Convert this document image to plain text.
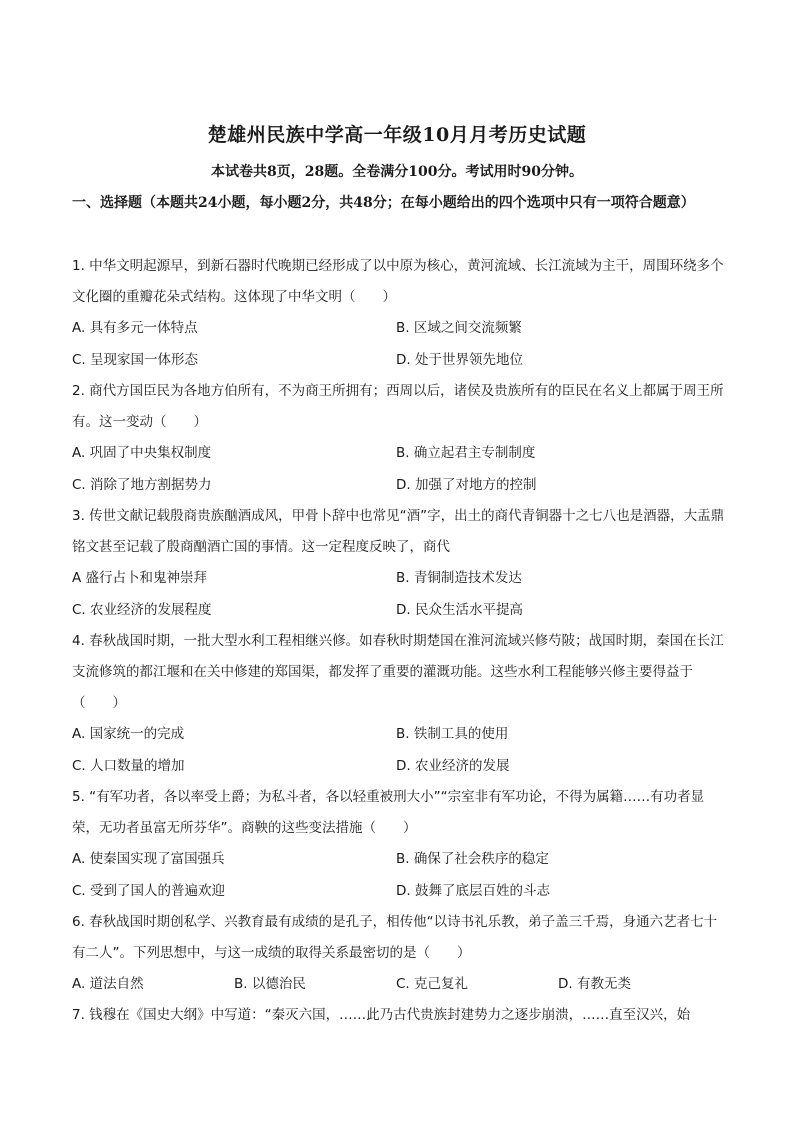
楚雄州民族中学高一年级10月月考历史试题
本试卷共8页，28题。全卷满分100分。考试用时90分钟。
一、选择题（本题共24小题，每小题2分，共48分；在每小题给出的四个选项中只有一项符合题意）
1. 中华文明起源早，到新石器时代晚期已经形成了以中原为核心，黄河流域、长江流域为主干，周围环绕多个文化圈的重瓣花朵式结构。这体现了中华文明（　　）
A. 具有多元一体特点	B. 区域之间交流频繁
C. 呈现家国一体形态	D. 处于世界领先地位
2. 商代方国臣民为各地方伯所有，不为商王所拥有；西周以后，诸侯及贵族所有的臣民在名义上都属于周王所有。这一变动（　　）
A. 巩固了中央集权制度	B. 确立起君主专制制度
C. 消除了地方割据势力	D. 加强了对地方的控制
3. 传世文献记载殷商贵族酗酒成风，甲骨卜辞中也常见“酒”字，出土的商代青铜器十之七八也是酒器，大盂鼎铭文甚至记载了殷商酗酒亡国的事情。这一定程度反映了，商代
A 盛行占卜和鬼神崇拜	B. 青铜制造技术发达
C. 农业经济的发展程度	D. 民众生活水平提高
4. 春秋战国时期，一批大型水利工程相继兴修。如春秋时期楚国在淮河流域兴修芍陂；战国时期，秦国在长江支流修筑的都江堰和在关中修建的郑国渠，都发挥了重要的灌溉功能。这些水利工程能够兴修主要得益于（　　）
A. 国家统一的完成	B. 铁制工具的使用
C. 人口数量的增加	D. 农业经济的发展
5. “有军功者，各以率受上爵；为私斗者，各以轻重被刑大小”“宗室非有军功论，不得为属籍……有功者显荣，无功者虽富无所芬华”。商鞅的这些变法措施（　　）
A. 使秦国实现了富国强兵	B. 确保了社会秩序的稳定
C. 受到了国人的普遍欢迎	D. 鼓舞了底层百姓的斗志
6. 春秋战国时期创私学、兴教育最有成绩的是孔子，相传他“以诗书礼乐教，弟子盖三千焉，身通六艺者七十有二人”。下列思想中，与这一成绩的取得关系最密切的是（　　）
A. 道法自然	B. 以德治民	C. 克己复礼	D. 有教无类
7. 钱穆在《国史大纲》中写道：“秦灭六国，……此乃古代贵族封建势力之逐步崩溃，……直至汉兴，始
